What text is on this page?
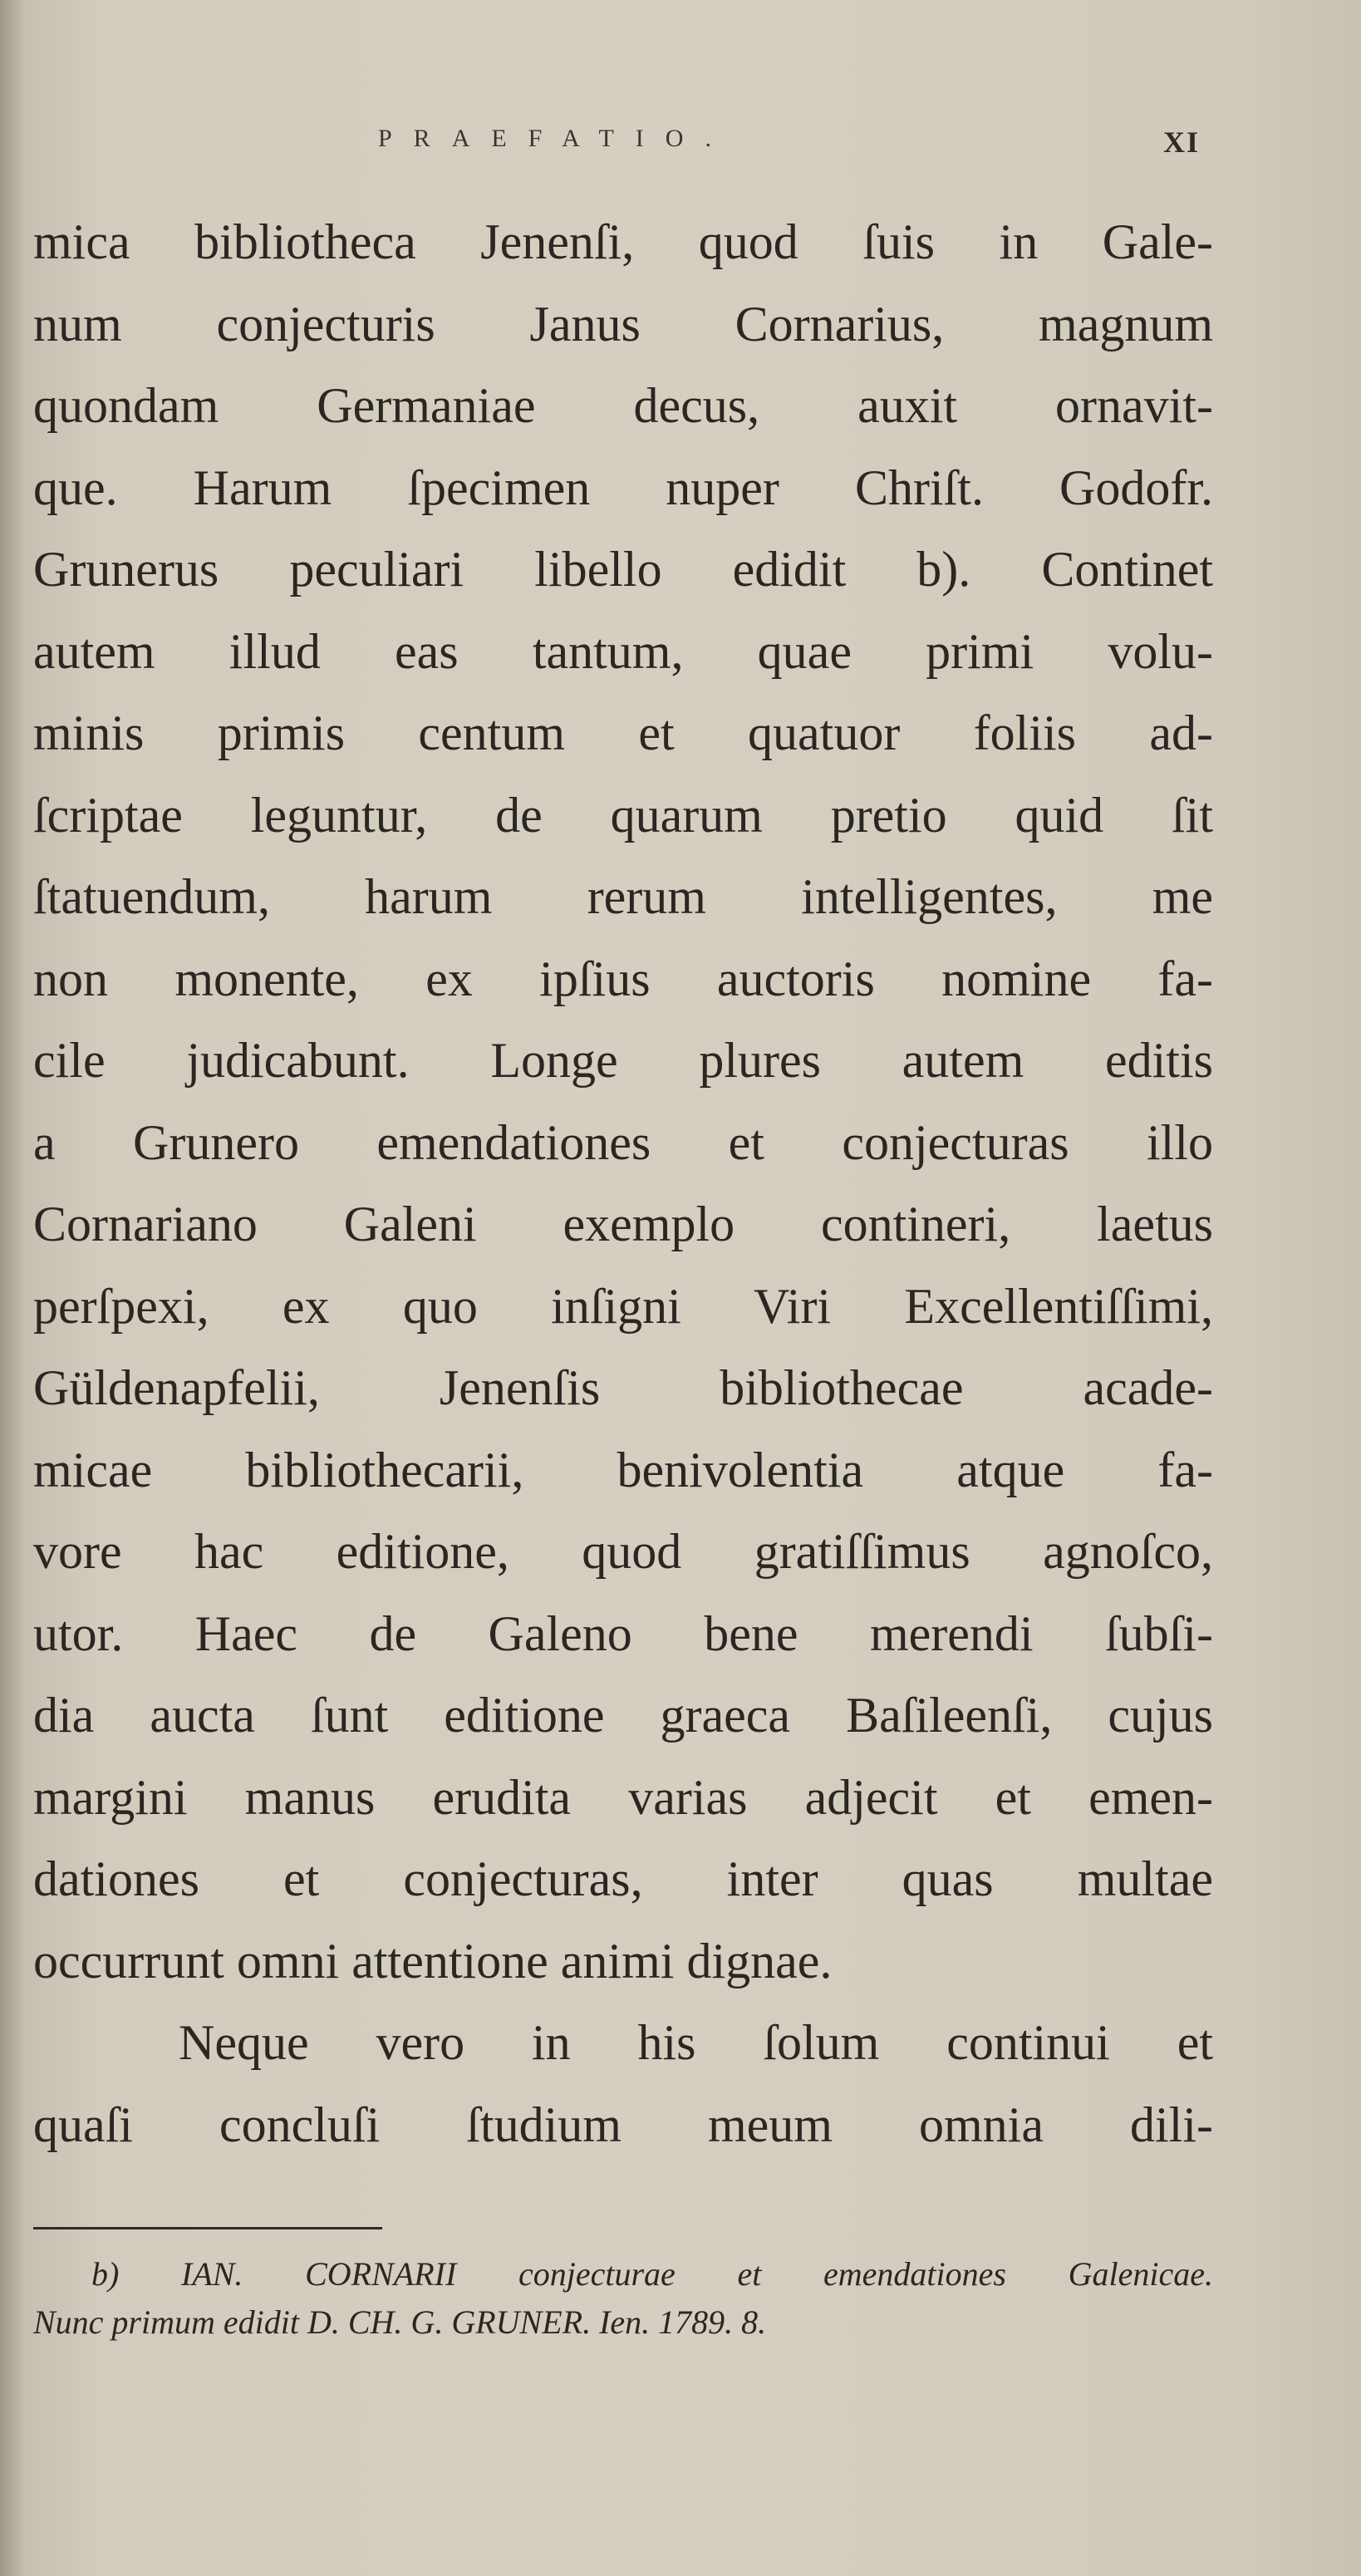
PRAEFATIO.	XI
mica bibliotheca Jenenſi, quod ſuis in Gale-
num conjecturis Janus Cornarius, magnum
quondam Germaniae decus, auxit ornavit-
que. Harum ſpecimen nuper Chriſt. Godofr.
Grunerus peculiari libello edidit b). Continet
autem illud eas tantum, quae primi volu-
minis primis centum et quatuor foliis ad-
ſcriptae leguntur, de quarum pretio quid ſit
ſtatuendum, harum rerum intelligentes, me
non monente, ex ipſius auctoris nomine fa-
cile judicabunt. Longe plures autem editis
a Grunero emendationes et conjecturas illo
Cornariano Galeni exemplo contineri, laetus
perſpexi, ex quo inſigni Viri Excellentiſſimi,
Güldenapfelii, Jenenſis bibliothecae acade-
micae bibliothecarii, benivolentia atque fa-
vore hac editione, quod gratiſſimus agnoſco,
utor. Haec de Galeno bene merendi ſubſi-
dia aucta ſunt editione graeca Baſileenſi, cujus
margini manus erudita varias adjecit et emen-
dationes et conjecturas, inter quas multae
occurrunt omni attentione animi dignae.
Neque vero in his ſolum continui et
quaſi concluſi ſtudium meum omnia dili-
b) IAN. CORNARII conjecturae et emendationes Galenicae.
Nunc primum edidit D. CH. G. GRUNER. Ien. 1789. 8.
